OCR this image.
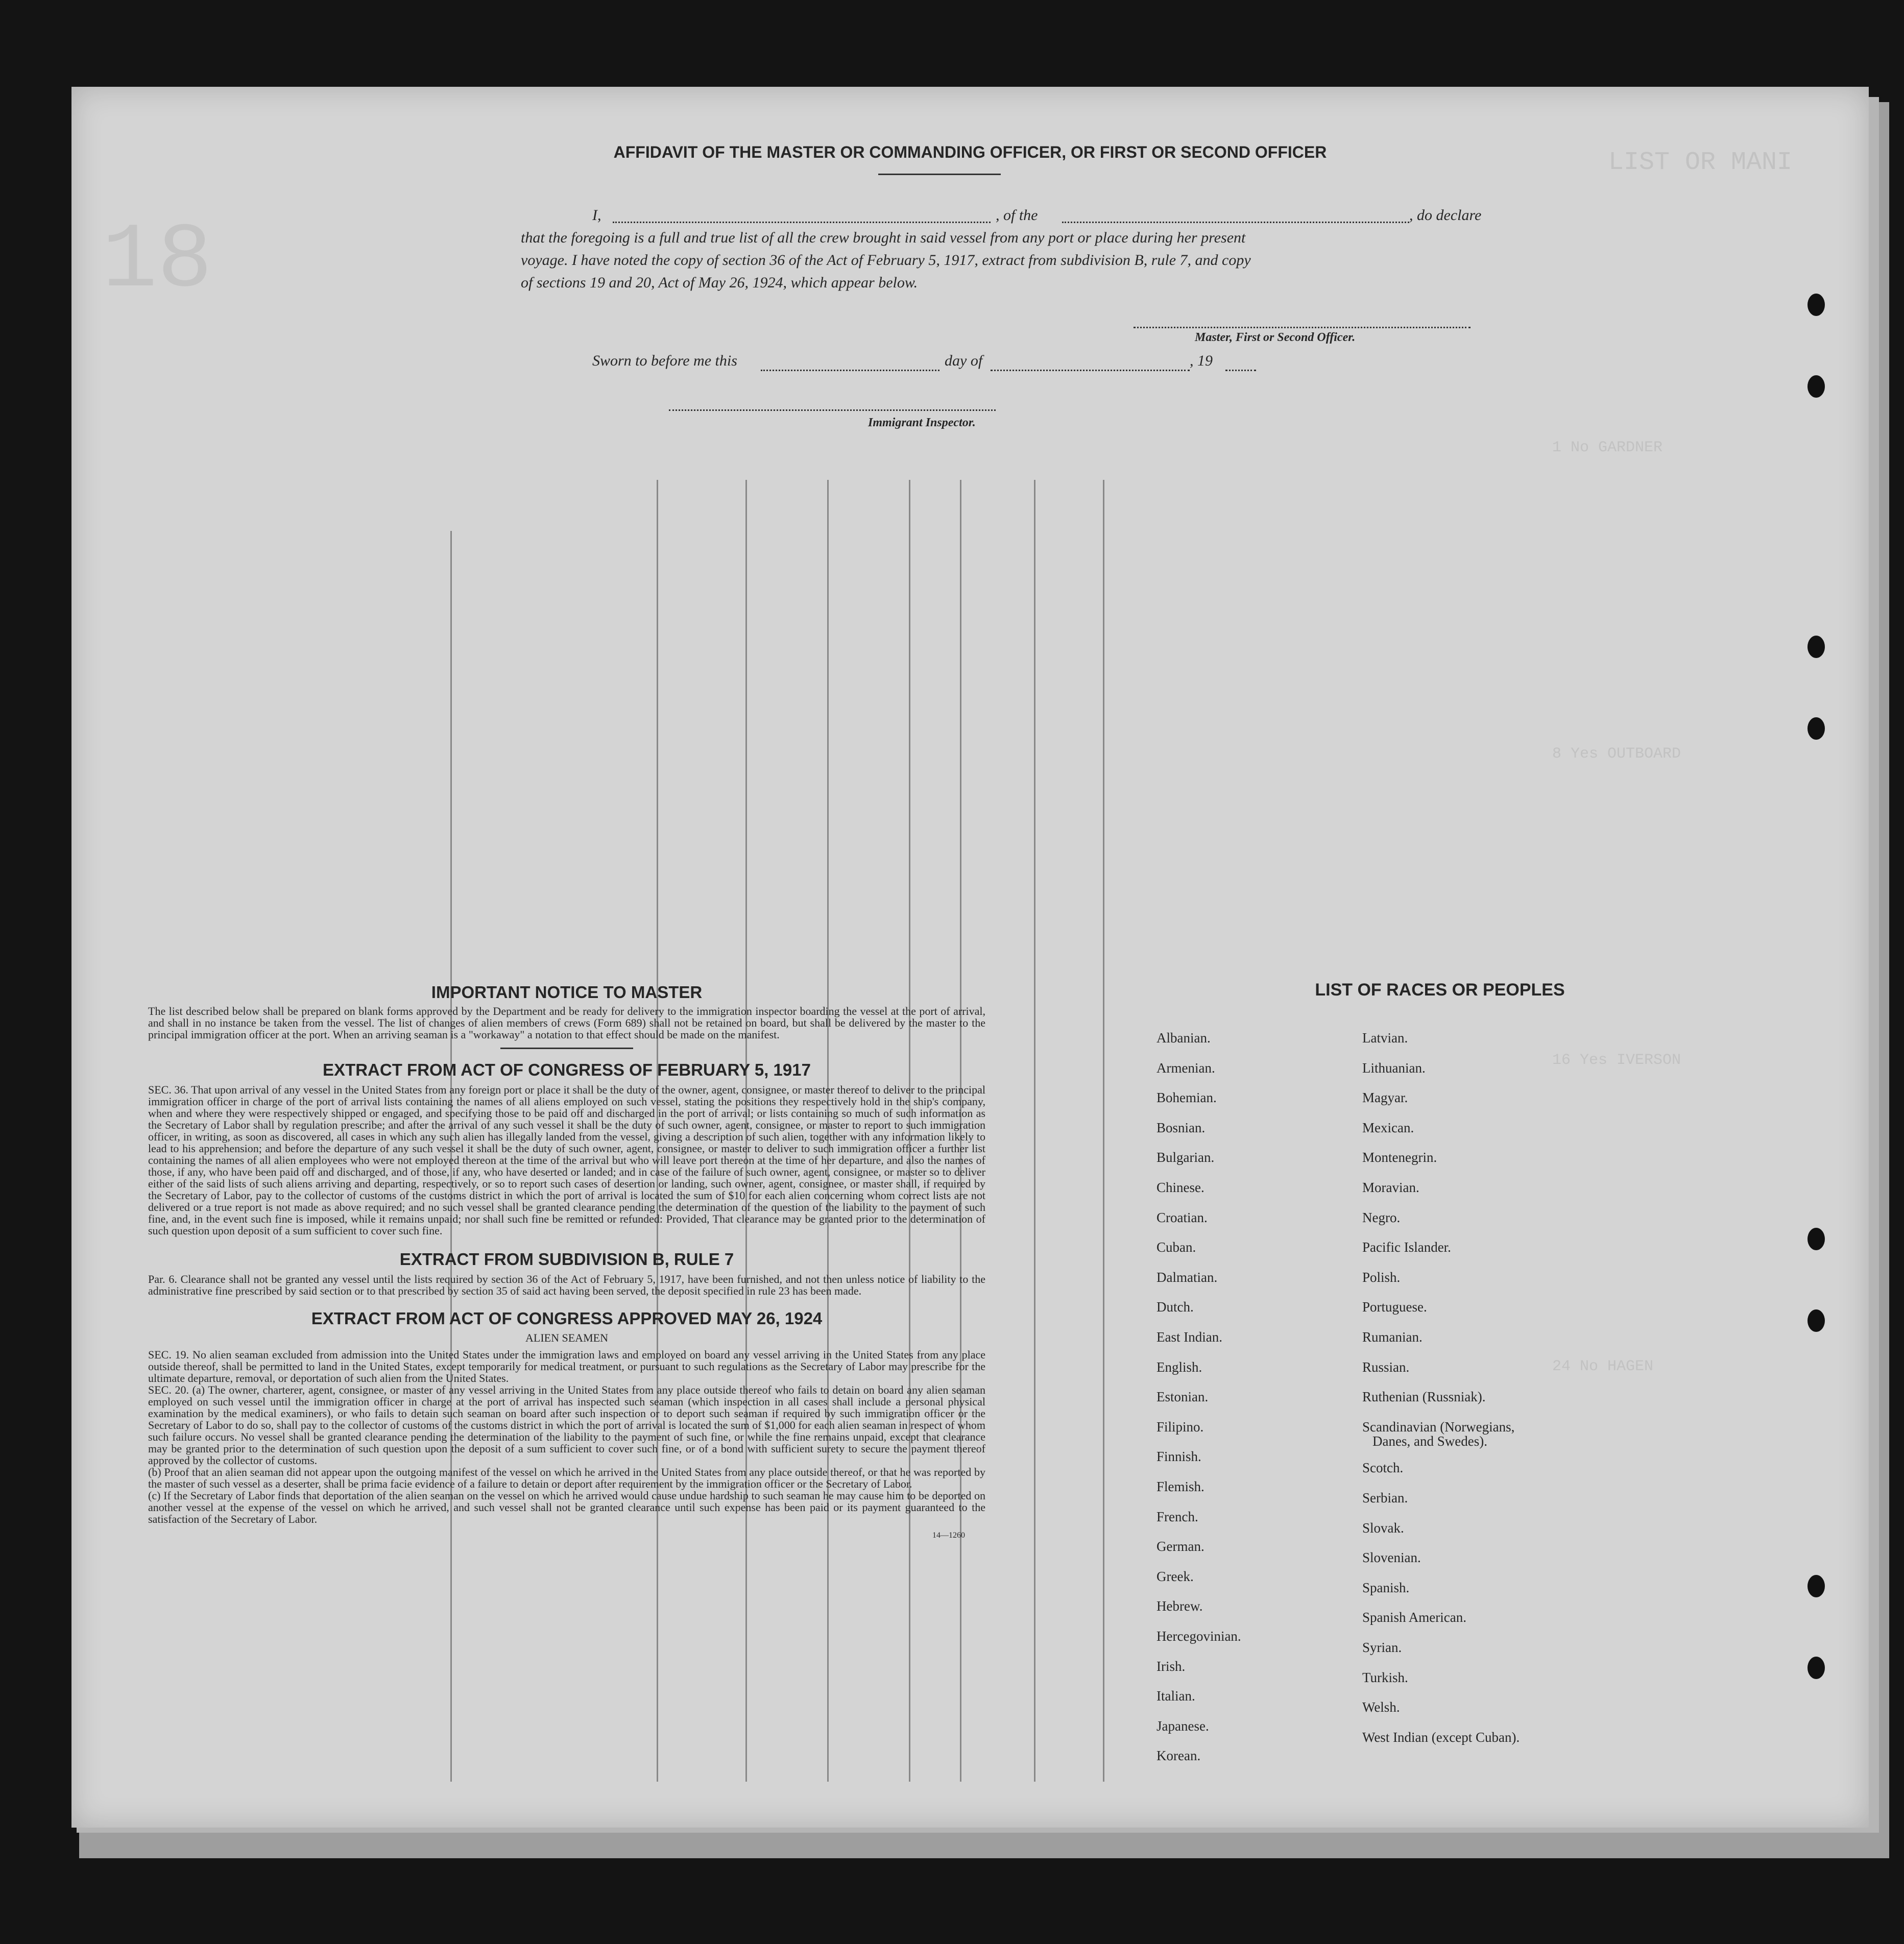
LIST OR MANI
18
1 No GARDNER
8 Yes OUTBOARD
16 Yes IVERSON
24 No HAGEN
AFFIDAVIT OF THE MASTER OR COMMANDING OFFICER, OR FIRST OR SECOND OFFICER
I,	, of the	, do declare
that the foregoing is a full and true list of all the crew brought in said vessel from any port or place during her present
voyage. I have noted the copy of section 36 of the Act of February 5, 1917, extract from subdivision B, rule 7, and copy
of sections 19 and 20, Act of May 26, 1924, which appear below.
Master, First or Second Officer.
Sworn to before me this	day of	, 19
Immigrant Inspector.
IMPORTANT NOTICE TO MASTER
The list described below shall be prepared on blank forms approved by the Department and be ready for delivery to the immigration inspector boarding the vessel at the port of arrival, and shall in no instance be taken from the vessel. The list of changes of alien members of crews (Form 689) shall not be retained on board, but shall be delivered by the master to the principal immigration officer at the port. When an arriving seaman is a "workaway" a notation to that effect should be made on the manifest.
EXTRACT FROM ACT OF CONGRESS OF FEBRUARY 5, 1917
SEC. 36. That upon arrival of any vessel in the United States from any foreign port or place it shall be the duty of the owner, agent, consignee, or master thereof to deliver to the principal immigration officer in charge of the port of arrival lists containing the names of all aliens employed on such vessel, stating the positions they respectively hold in the ship's company, when and where they were respectively shipped or engaged, and specifying those to be paid off and discharged in the port of arrival; or lists containing so much of such information as the Secretary of Labor shall by regulation prescribe; and after the arrival of any such vessel it shall be the duty of such owner, agent, consignee, or master to report to such immigration officer, in writing, as soon as discovered, all cases in which any such alien has illegally landed from the vessel, giving a description of such alien, together with any information likely to lead to his apprehension; and before the departure of any such vessel it shall be the duty of such owner, agent, consignee, or master to deliver to such immigration officer a further list containing the names of all alien employees who were not employed thereon at the time of the arrival but who will leave port thereon at the time of her departure, and also the names of those, if any, who have been paid off and discharged, and of those, if any, who have deserted or landed; and in case of the failure of such owner, agent, consignee, or master so to deliver either of the said lists of such aliens arriving and departing, respectively, or so to report such cases of desertion or landing, such owner, agent, consignee, or master shall, if required by the Secretary of Labor, pay to the collector of customs of the customs district in which the port of arrival is located the sum of $10 for each alien concerning whom correct lists are not delivered or a true report is not made as above required; and no such vessel shall be granted clearance pending the determination of the question of the liability to the payment of such fine, and, in the event such fine is imposed, while it remains unpaid; nor shall such fine be remitted or refunded: Provided, That clearance may be granted prior to the determination of such question upon deposit of a sum sufficient to cover such fine.
EXTRACT FROM SUBDIVISION B, RULE 7
Par. 6. Clearance shall not be granted any vessel until the lists required by section 36 of the Act of February 5, 1917, have been furnished, and not then unless notice of liability to the administrative fine prescribed by said section or to that prescribed by section 35 of said act having been served, the deposit specified in rule 23 has been made.
EXTRACT FROM ACT OF CONGRESS APPROVED MAY 26, 1924
ALIEN SEAMEN
SEC. 19. No alien seaman excluded from admission into the United States under the immigration laws and employed on board any vessel arriving in the United States from any place outside thereof, shall be permitted to land in the United States, except temporarily for medical treatment, or pursuant to such regulations as the Secretary of Labor may prescribe for the ultimate departure, removal, or deportation of such alien from the United States.
SEC. 20. (a) The owner, charterer, agent, consignee, or master of any vessel arriving in the United States from any place outside thereof who fails to detain on board any alien seaman employed on such vessel until the immigration officer in charge at the port of arrival has inspected such seaman (which inspection in all cases shall include a personal physical examination by the medical examiners), or who fails to detain such seaman on board after such inspection or to deport such seaman if required by such immigration officer or the Secretary of Labor to do so, shall pay to the collector of customs of the customs district in which the port of arrival is located the sum of $1,000 for each alien seaman in respect of whom such failure occurs. No vessel shall be granted clearance pending the determination of the liability to the payment of such fine, or while the fine remains unpaid, except that clearance may be granted prior to the determination of such question upon the deposit of a sum sufficient to cover such fine, or of a bond with sufficient surety to secure the payment thereof approved by the collector of customs.
(b) Proof that an alien seaman did not appear upon the outgoing manifest of the vessel on which he arrived in the United States from any place outside thereof, or that he was reported by the master of such vessel as a deserter, shall be prima facie evidence of a failure to detain or deport after requirement by the immigration officer or the Secretary of Labor.
(c) If the Secretary of Labor finds that deportation of the alien seaman on the vessel on which he arrived would cause undue hardship to such seaman he may cause him to be deported on another vessel at the expense of the vessel on which he arrived, and such vessel shall not be granted clearance until such expense has been paid or its payment guaranteed to the satisfaction of the Secretary of Labor.
14—1260
LIST OF RACES OR PEOPLES
Albanian.
Armenian.
Bohemian.
Bosnian.
Bulgarian.
Chinese.
Croatian.
Cuban.
Dalmatian.
Dutch.
East Indian.
English.
Estonian.
Filipino.
Finnish.
Flemish.
French.
German.
Greek.
Hebrew.
Hercegovinian.
Irish.
Italian.
Japanese.
Korean.
Latvian.
Lithuanian.
Magyar.
Mexican.
Montenegrin.
Moravian.
Negro.
Pacific Islander.
Polish.
Portuguese.
Rumanian.
Russian.
Ruthenian (Russniak).
Scandinavian (Norwegians,
Danes, and Swedes).
Scotch.
Serbian.
Slovak.
Slovenian.
Spanish.
Spanish American.
Syrian.
Turkish.
Welsh.
West Indian (except Cuban).
